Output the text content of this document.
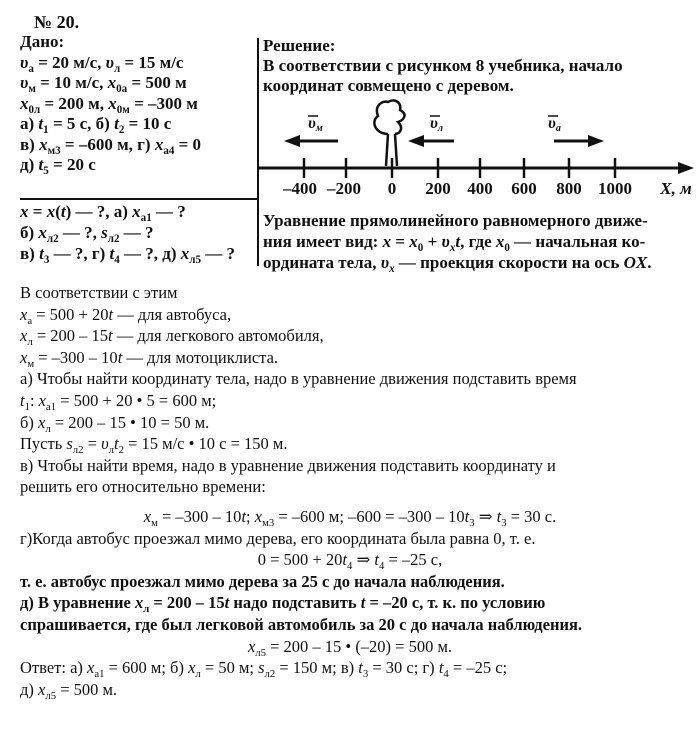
№ 20.
Дано:
$\upsilon_а = 20$ м/с, $\upsilon_л = 15$ м/с
$\upsilon_м = 10$ м/с, $x_{0а} = 500$ м
$x_{0л} = 200$ м, $x_{0м} = -300$ м
а) $t_1 = 5$ с, б) $t_2 = 10$ с
в) $x_{м3} = -600$ м, г) $x_{а4} = 0$
д) $t_5 = 20$ с
x = x(t) — ?, а) $x_{а1}$ — ?
б) $x_{л2}$ — ?, $s_{л2}$ — ?
в) $t_3$ — ?, г) $t_4$ — ?, д) $x_{л5}$ — ?
Решение:
В соответствии с рисунком 8 учебника, начало
координат совмещено с деревом.
–400 –200 0 200 400 600 800 1000 X, м
υм	υл	υа
Уравнение прямолинейного равномерного движе-
ния имеет вид: $x = x_0 + \upsilon_xt$, где $x_0$ — начальная ко-
ордината тела, $\upsilon_x$ — проекция скорости на ось OX.
В соответствии с этим
$x_а = 500 + 20t$ — для автобуса,
$x_л = 200 - 15t$ — для легкового автомобиля,
$x_м = -300 - 10t$ — для мотоциклиста.
а) Чтобы найти координату тела, надо в уравнение движения подставить время
$t_1$: $x_{а1} = 500 + 20$ • 5 = 600 м;
б) $x_л = 200 - 15$ • 10 = 50 м.
Пусть $s_{л2} = \upsilon_лt_2 = 15$ м/с • 10 с = 150 м.
в) Чтобы найти время, надо в уравнение движения подставить координату и
решить его относительно времени:
$x_м = -300 - 10t$; $x_{м3} = -600$ м; $-600 = -300 - 10t_3$ ⇒ $t_3 = 30$ с.
г)Когда автобус проезжал мимо дерева, его координата была равна 0, т. е.
$0 = 500 + 20t_4$ ⇒ $t_4 = -25$ с,
т. е. автобус проезжал мимо дерева за 25 с до начала наблюдения.
д) В уравнение $x_л = 200 - 15t$ надо подставить t = –20 с, т. к. по условию
спрашивается, где был легковой автомобиль за 20 с до начала наблюдения.
$x_{л5} = 200 - 15$ • (–20) = 500 м.
Ответ: а) $x_{а1} = 600$ м; б) $x_л = 50$ м; $s_{л2} = 150$ м; в) $t_3 = 30$ с; г) $t_4 = -25$ с;
д) $x_{л5} = 500$ м.
